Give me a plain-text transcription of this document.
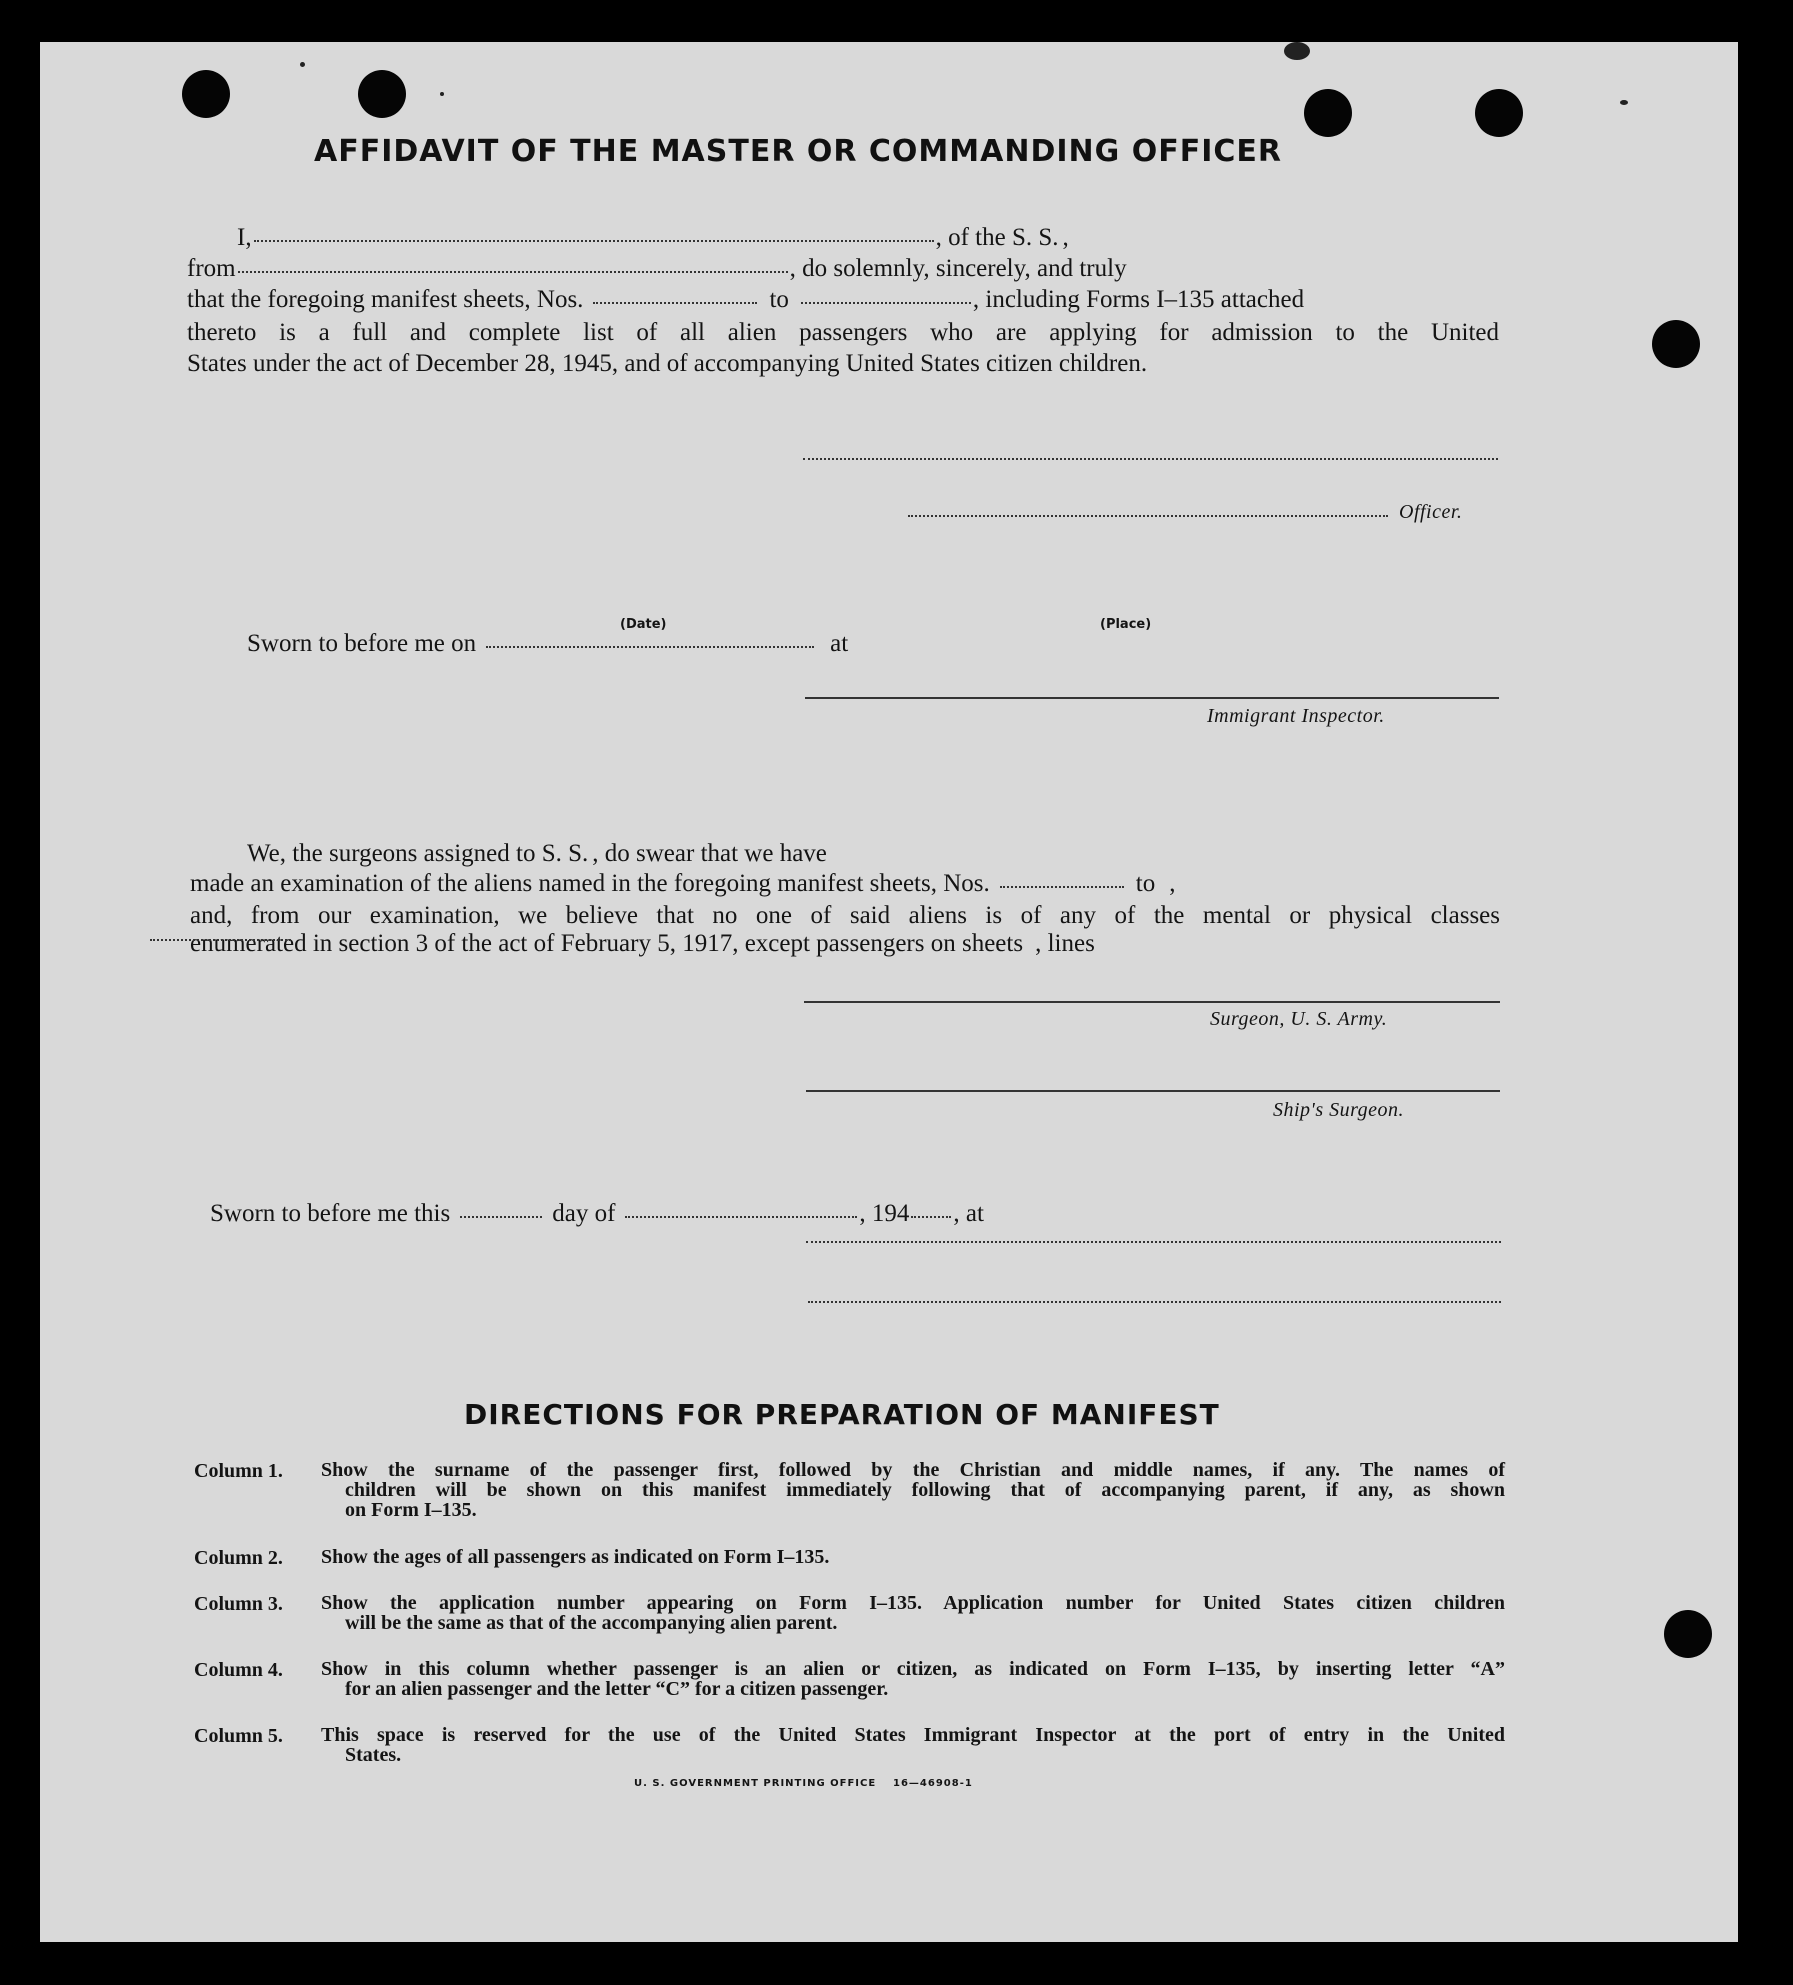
AFFIDAVIT OF THE MASTER OR COMMANDING OFFICER
I,	, of the S. S. ,
from	, do solemnly, sincerely, and truly
that the foregoing manifest sheets, Nos.	to	, including Forms I–135 attached
thereto is a full and complete list of all alien passengers who are applying for admission to the United
States under the act of December 28, 1945, and of accompanying United States citizen children.
Officer.
Sworn to before me on	at
(Date)	(Place)
Immigrant Inspector.
We, the surgeons assigned to S. S. , do swear that we have
made an examination of the aliens named in the foregoing manifest sheets, Nos.	to ,
and, from our examination, we believe that no one of said aliens is of any of the mental or physical classes
enumerated in section 3 of the act of February 5, 1917, except passengers on sheets , lines
Surgeon, U. S. Army.
Ship's Surgeon.
Sworn to before me this	day of	, 194 , at
DIRECTIONS FOR PREPARATION OF MANIFEST
Column 1. Show the surname of the passenger first, followed by the Christian and middle names, if any. The names of
children will be shown on this manifest immediately following that of accompanying parent, if any, as shown
on Form I–135.
Column 2. Show the ages of all passengers as indicated on Form I–135.
Column 3. Show the application number appearing on Form I–135. Application number for United States citizen children
will be the same as that of the accompanying alien parent.
Column 4. Show in this column whether passenger is an alien or citizen, as indicated on Form I–135, by inserting letter “A”
for an alien passenger and the letter “C” for a citizen passenger.
Column 5. This space is reserved for the use of the United States Immigrant Inspector at the port of entry in the United
States.
U. S. GOVERNMENT PRINTING OFFICE 16—46908-1
